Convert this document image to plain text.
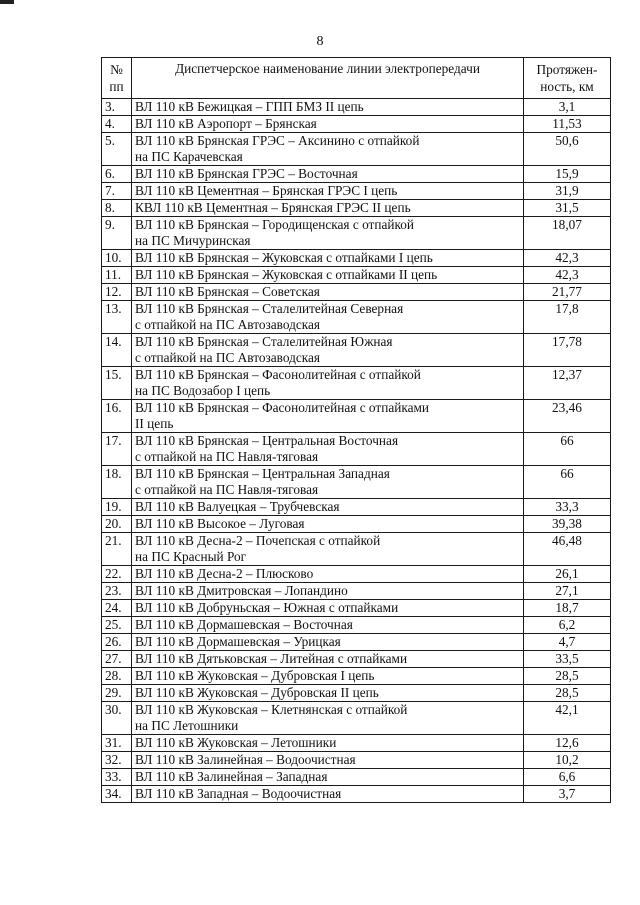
8
№
пп	Диспетчерское наименование линии электропередачи	Протяжен-
ность, км
3.	ВЛ 110 кВ Бежицкая – ГПП БМЗ II цепь	3,1
4.	ВЛ 110 кВ Аэропорт – Брянская	11,53
5.	ВЛ 110 кВ Брянская ГРЭС – Аксинино с отпайкой
на ПС Карачевская	50,6
6.	ВЛ 110 кВ Брянская ГРЭС – Восточная	15,9
7.	ВЛ 110 кВ Цементная – Брянская ГРЭС I цепь	31,9
8.	КВЛ 110 кВ Цементная – Брянская ГРЭС II цепь	31,5
9.	ВЛ 110 кВ Брянская – Городищенская с отпайкой
на ПС Мичуринская	18,07
10.	ВЛ 110 кВ Брянская – Жуковская с отпайками I цепь	42,3
11.	ВЛ 110 кВ Брянская – Жуковская с отпайками II цепь	42,3
12.	ВЛ 110 кВ Брянская – Советская	21,77
13.	ВЛ 110 кВ Брянская – Сталелитейная Северная
с отпайкой на ПС Автозаводская	17,8
14.	ВЛ 110 кВ Брянская – Сталелитейная Южная
с отпайкой на ПС Автозаводская	17,78
15.	ВЛ 110 кВ Брянская – Фасонолитейная с отпайкой
на ПС Водозабор I цепь	12,37
16.	ВЛ 110 кВ Брянская – Фасонолитейная с отпайками
II цепь	23,46
17.	ВЛ 110 кВ Брянская – Центральная Восточная
с отпайкой на ПС Навля-тяговая	66
18.	ВЛ 110 кВ Брянская – Центральная Западная
с отпайкой на ПС Навля-тяговая	66
19.	ВЛ 110 кВ Валуецкая – Трубчевская	33,3
20.	ВЛ 110 кВ Высокое – Луговая	39,38
21.	ВЛ 110 кВ Десна-2 – Почепская с отпайкой
на ПС Красный Рог	46,48
22.	ВЛ 110 кВ Десна-2 – Плюсково	26,1
23.	ВЛ 110 кВ Дмитровская – Лопандино	27,1
24.	ВЛ 110 кВ Добруньская – Южная с отпайками	18,7
25.	ВЛ 110 кВ Дормашевская – Восточная	6,2
26.	ВЛ 110 кВ Дормашевская – Урицкая	4,7
27.	ВЛ 110 кВ Дятьковская – Литейная с отпайками	33,5
28.	ВЛ 110 кВ Жуковская – Дубровская I цепь	28,5
29.	ВЛ 110 кВ Жуковская – Дубровская II цепь	28,5
30.	ВЛ 110 кВ Жуковская – Клетнянская с отпайкой
на ПС Летошники	42,1
31.	ВЛ 110 кВ Жуковская – Летошники	12,6
32.	ВЛ 110 кВ Залинейная – Водоочистная	10,2
33.	ВЛ 110 кВ Залинейная – Западная	6,6
34.	ВЛ 110 кВ Западная – Водоочистная	3,7
